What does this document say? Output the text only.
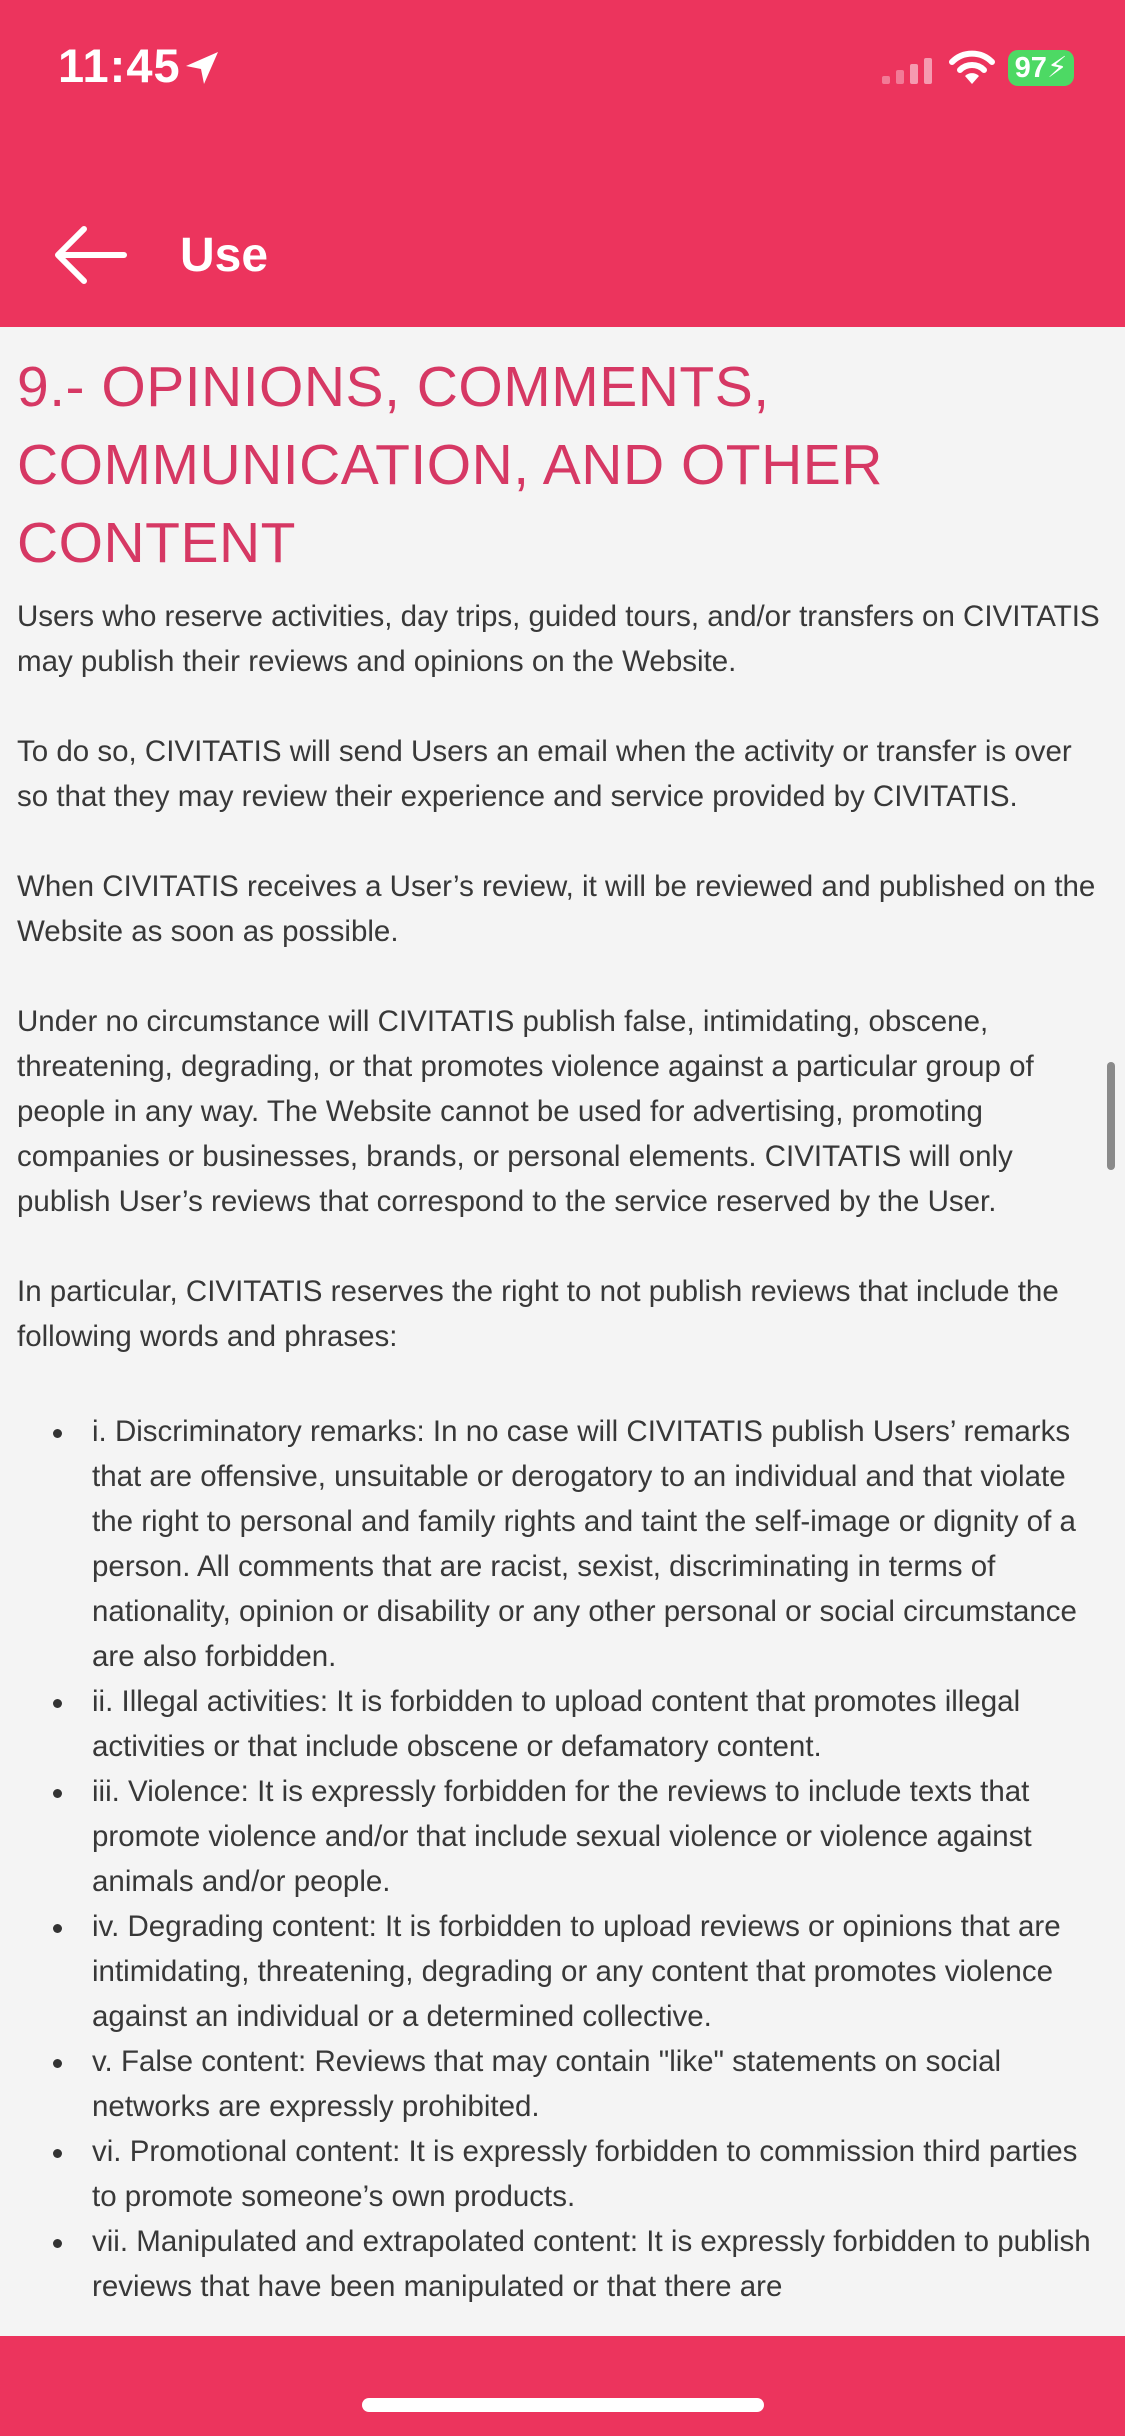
11:45	97⚡
Use
9.- OPINIONS, COMMENTS, COMMUNICATION, AND OTHER CONTENT

Users who reserve activities, day trips, guided tours, and/or transfers on CIVITATIS may publish their reviews and opinions on the Website.

To do so, CIVITATIS will send Users an email when the activity or transfer is over so that they may review their experience and service provided by CIVITATIS.

When CIVITATIS receives a User’s review, it will be reviewed and published on the Website as soon as possible.

Under no circumstance will CIVITATIS publish false, intimidating, obscene, threatening, degrading, or that promotes violence against a particular group of people in any way. The Website cannot be used for advertising, promoting companies or businesses, brands, or personal elements. CIVITATIS will only publish User’s reviews that correspond to the service reserved by the User.

In particular, CIVITATIS reserves the right to not publish reviews that include the following words and phrases:

i. Discriminatory remarks: In no case will CIVITATIS publish Users’ remarks that are offensive, unsuitable or derogatory to an individual and that violate the right to personal and family rights and taint the self-image or dignity of a person. All comments that are racist, sexist, discriminating in terms of nationality, opinion or disability or any other personal or social circumstance are also forbidden.
ii. Illegal activities: It is forbidden to upload content that promotes illegal activities or that include obscene or defamatory content.
iii. Violence: It is expressly forbidden for the reviews to include texts that promote violence and/or that include sexual violence or violence against animals and/or people.
iv. Degrading content: It is forbidden to upload reviews or opinions that are intimidating, threatening, degrading or any content that promotes violence against an individual or a determined collective.
v. False content: Reviews that may contain "like" statements on social networks are expressly prohibited.
vi. Promotional content: It is expressly forbidden to commission third parties to promote someone’s own products.
vii. Manipulated and extrapolated content: It is expressly forbidden to publish reviews that have been manipulated or that there are
